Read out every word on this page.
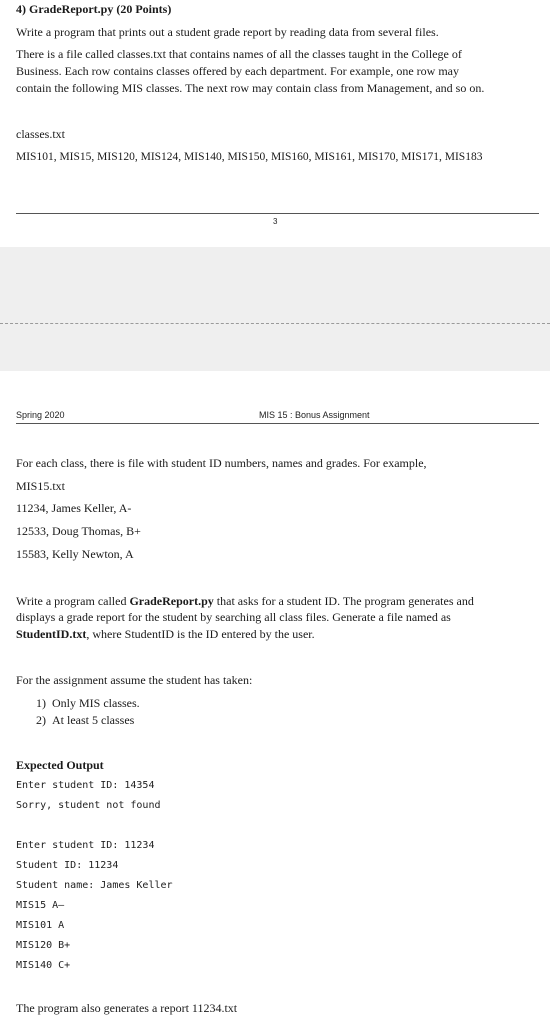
4) GradeReport.py (20 Points)
Write a program that prints out a student grade report by reading data from several files.
There is a file called classes.txt that contains names of all the classes taught in the College of
Business. Each row contains classes offered by each department. For example, one row may
contain the following MIS classes. The next row may contain class from Management, and so on.
classes.txt
MIS101, MIS15, MIS120, MIS124, MIS140, MIS150, MIS160, MIS161, MIS170, MIS171, MIS183
3
Spring 2020	MIS 15 : Bonus Assignment
For each class, there is file with student ID numbers, names and grades. For example,
MIS15.txt
11234, James Keller, A-
12533, Doug Thomas, B+
15583, Kelly Newton, A
Write a program called GradeReport.py that asks for a student ID. The program generates and
displays a grade report for the student by searching all class files. Generate a file named as
StudentID.txt, where StudentID is the ID entered by the user.
For the assignment assume the student has taken:
1) Only MIS classes.
2) At least 5 classes
Expected Output
Enter student ID: 14354
Sorry, student not found
Enter student ID: 11234
Student ID: 11234
Student name: James Keller
MIS15 A–
MIS101 A
MIS120 B+
MIS140 C+
The program also generates a report 11234.txt
